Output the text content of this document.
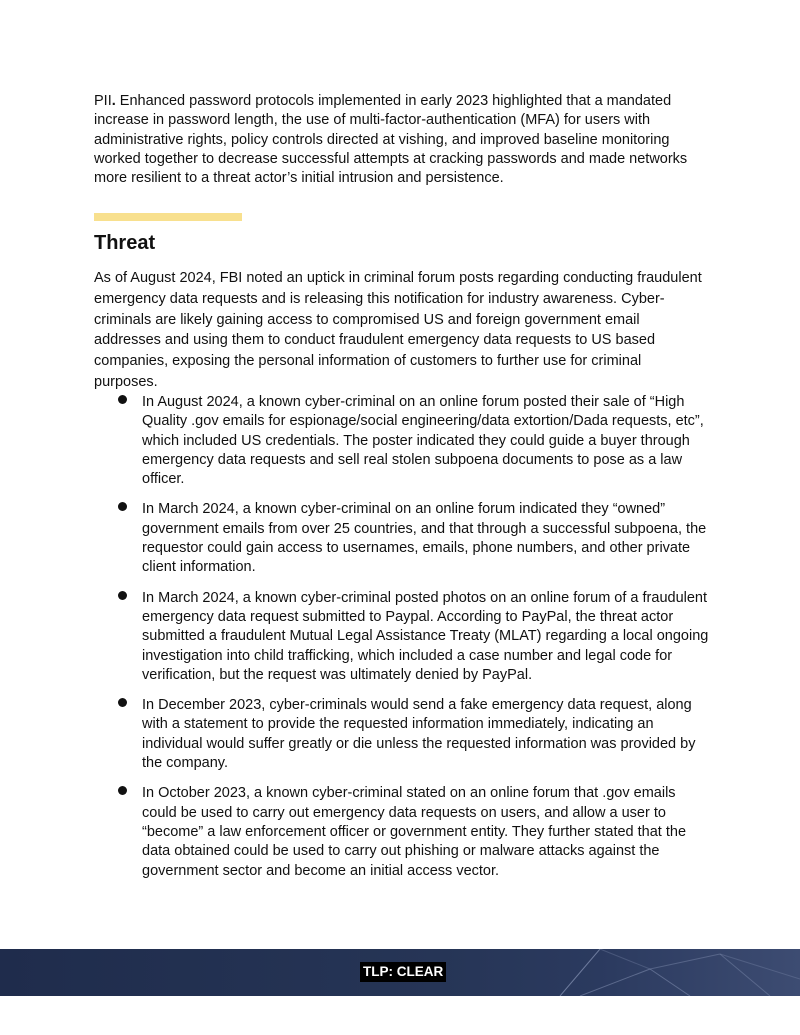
PII. Enhanced password protocols implemented in early 2023 highlighted that a mandated increase in password length, the use of multi-factor-authentication (MFA) for users with administrative rights, policy controls directed at vishing, and improved baseline monitoring worked together to decrease successful attempts at cracking passwords and made networks more resilient to a threat actor’s initial intrusion and persistence.

Threat

As of August 2024, FBI noted an uptick in criminal forum posts regarding conducting fraudulent emergency data requests and is releasing this notification for industry awareness. Cyber-criminals are likely gaining access to compromised US and foreign government email addresses and using them to conduct fraudulent emergency data requests to US based companies, exposing the personal information of customers to further use for criminal purposes.

In August 2024, a known cyber-criminal on an online forum posted their sale of “High Quality .gov emails for espionage/social engineering/data extortion/Dada requests, etc”, which included US credentials. The poster indicated they could guide a buyer through emergency data requests and sell real stolen subpoena documents to pose as a law officer.
In March 2024, a known cyber-criminal on an online forum indicated they “owned” government emails from over 25 countries, and that through a successful subpoena, the requestor could gain access to usernames, emails, phone numbers, and other private client information.
In March 2024, a known cyber-criminal posted photos on an online forum of a fraudulent emergency data request submitted to Paypal. According to PayPal, the threat actor submitted a fraudulent Mutual Legal Assistance Treaty (MLAT) regarding a local ongoing investigation into child trafficking, which included a case number and legal code for verification, but the request was ultimately denied by PayPal.
In December 2023, cyber-criminals would send a fake emergency data request, along with a statement to provide the requested information immediately, indicating an individual would suffer greatly or die unless the requested information was provided by the company.
In October 2023, a known cyber-criminal stated on an online forum that .gov emails could be used to carry out emergency data requests on users, and allow a user to “become” a law enforcement officer or government entity. They further stated that the data obtained could be used to carry out phishing or malware attacks against the government sector and become an initial access vector.
TLP: CLEAR
